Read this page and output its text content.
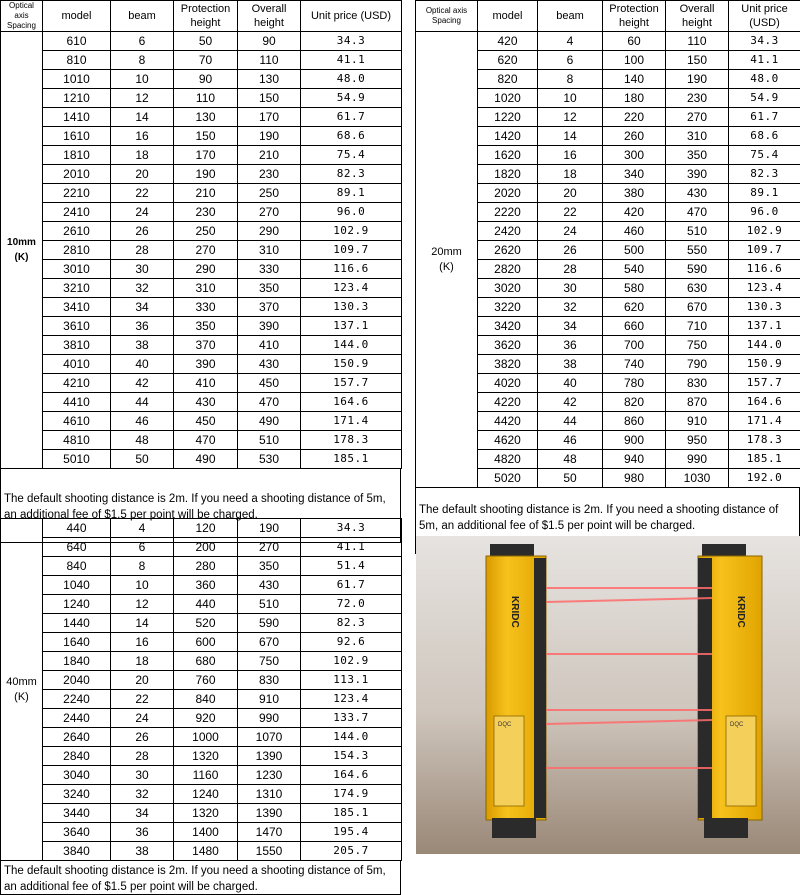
Optical axis Spacing	model	beam	Protection height	Overall height	Unit price (USD)

10mm
(K)	610	6	50	90	34.3
	810	8	70	110	41.1
	1010	10	90	130	48.0
	1210	12	110	150	54.9
	1410	14	130	170	61.7
	1610	16	150	190	68.6
	1810	18	170	210	75.4
	2010	20	190	230	82.3
	2210	22	210	250	89.1
	2410	24	230	270	96.0
	2610	26	250	290	102.9
	2810	28	270	310	109.7
	3010	30	290	330	116.6
	3210	32	310	350	123.4
	3410	34	330	370	130.3
	3610	36	350	390	137.1
	3810	38	370	410	144.0
	4010	40	390	430	150.9
	4210	42	410	450	157.7
	4410	44	430	470	164.6
	4610	46	450	490	171.4
	4810	48	470	510	178.3
	5010	50	490	530	185.1
The default shooting distance is 2m. If you need a shooting distance of 5m, an additional fee of $1.5 per point will be charged.
40mm
(K)	440	4	120	190	34.3
	640	6	200	270	41.1
	840	8	280	350	51.4
	1040	10	360	430	61.7
	1240	12	440	510	72.0
	1440	14	520	590	82.3
	1640	16	600	670	92.6
	1840	18	680	750	102.9
	2040	20	760	830	113.1
	2240	22	840	910	123.4
	2440	24	920	990	133.7
	2640	26	1000	1070	144.0
	2840	28	1320	1390	154.3
	3040	30	1160	1230	164.6
	3240	32	1240	1310	174.9
	3440	34	1320	1390	185.1
	3640	36	1400	1470	195.4
	3840	38	1480	1550	205.7
The default shooting distance is 2m. If you need a shooting distance of 5m, an additional fee of $1.5 per point will be charged.
Optical axis Spacing	model	beam	Protection height	Overall height	Unit price (USD)

20mm
(K)	420	4	60	110	34.3
	620	6	100	150	41.1
	820	8	140	190	48.0
	1020	10	180	230	54.9
	1220	12	220	270	61.7
	1420	14	260	310	68.6
	1620	16	300	350	75.4
	1820	18	340	390	82.3
	2020	20	380	430	89.1
	2220	22	420	470	96.0
	2420	24	460	510	102.9
	2620	26	500	550	109.7
	2820	28	540	590	116.6
	3020	30	580	630	123.4
	3220	32	620	670	130.3
	3420	34	660	710	137.1
	3620	36	700	750	144.0
	3820	38	740	790	150.9
	4020	40	780	830	157.7
	4220	42	820	870	164.6
	4420	44	860	910	171.4
	4620	46	900	950	178.3
	4820	48	940	990	185.1
	5020	50	980	1030	192.0
The default shooting distance is 2m. If you need a shooting distance of 5m, an additional fee of $1.5 per point will be charged.
KRIDC
DQC
KRIDC
DQC
